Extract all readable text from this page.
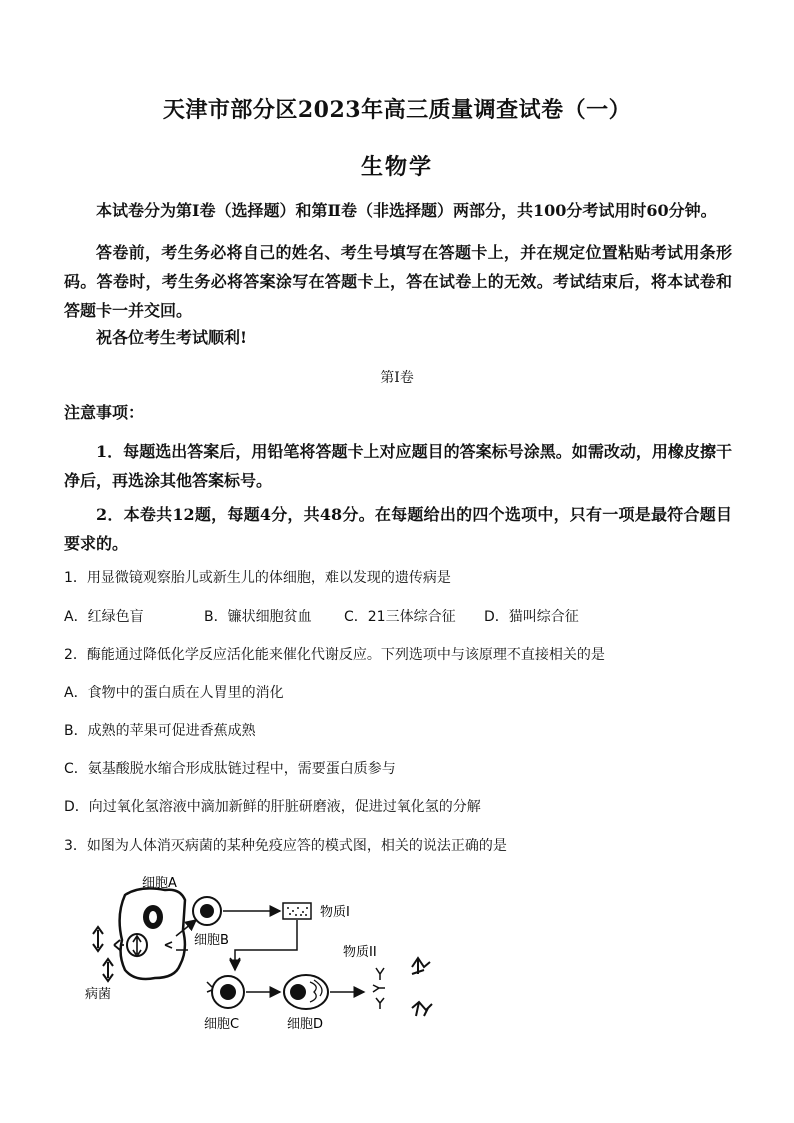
天津市部分区2023年高三质量调查试卷（一）
生物学
本试卷分为第Ⅰ卷（选择题）和第Ⅱ卷（非选择题）两部分，共100分考试用时60分钟。
答卷前，考生务必将自己的姓名、考生号填写在答题卡上，并在规定位置粘贴考试用条形码。答卷时，考生务必将答案涂写在答题卡上，答在试卷上的无效。考试结束后，将本试卷和答题卡一并交回。
祝各位考生考试顺利!
第Ⅰ卷
注意事项：
1．每题选出答案后，用铅笔将答题卡上对应题目的答案标号涂黑。如需改动，用橡皮擦干净后，再选涂其他答案标号。
2．本卷共12题，每题4分，共48分。在每题给出的四个选项中，只有一项是最符合题目要求的。
1．用显微镜观察胎儿或新生儿的体细胞，难以发现的遗传病是
A．红绿色盲	B．镰状细胞贫血 C．21三体综合征 D．猫叫综合征
2．酶能通过降低化学反应活化能来催化代谢反应。下列选项中与该原理不直接相关的是
A．食物中的蛋白质在人胃里的消化
B．成熟的苹果可促进香蕉成熟
C．氨基酸脱水缩合形成肽链过程中，需要蛋白质参与
D．向过氧化氢溶液中滴加新鲜的肝脏研磨液，促进过氧化氢的分解
3．如图为人体消灭病菌的某种免疫应答的模式图，相关的说法正确的是
病菌
细胞A
细胞B
物质Ⅰ
细胞C	细胞D
物质ⅠⅠ
